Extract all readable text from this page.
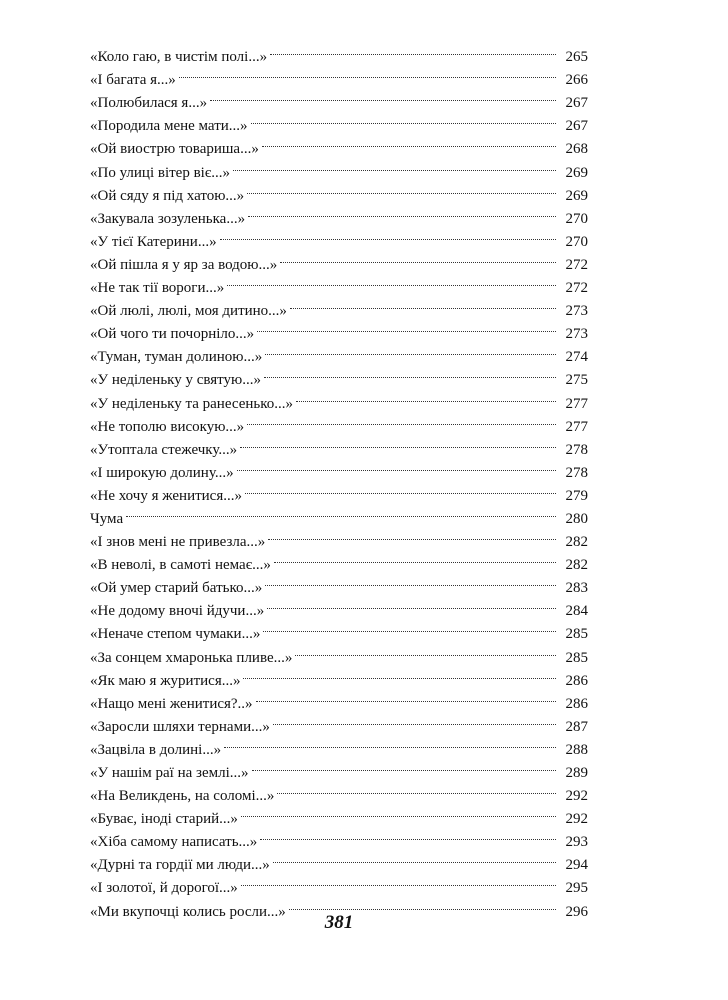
«Коло гаю, в чистім полі...»	265
«І багата я...»	266
«Полюбилася я...»	267
«Породила мене мати...»	267
«Ой виострю товариша...»	268
«По улиці вітер віє...»	269
«Ой сяду я під хатою...»	269
«Закувала зозуленька...»	270
«У тієї Катерини...»	270
«Ой пішла я у яр за водою...»	272
«Не так тії вороги...»	272
«Ой люлі, люлі, моя дитино...»	273
«Ой чого ти почорніло...»	273
«Туман, туман долиною...»	274
«У неділеньку у святую...»	275
«У неділеньку та ранесенько...»	277
«Не тополю високую...»	277
«Утоптала стежечку...»	278
«І широкую долину...»	278
«Не хочу я женитися...»	279
Чума	280
«І знов мені не привезла...»	282
«В неволі, в самоті немає...»	282
«Ой умер старий батько...»	283
«Не додому вночі йдучи...»	284
«Неначе степом чумаки...»	285
«За сонцем хмаронька пливе...»	285
«Як маю я журитися...»	286
«Нащо мені женитися?..»	286
«Заросли шляхи тернами...»	287
«Зацвіла в долині...»	288
«У нашім раї на землі...»	289
«На Великдень, на соломі...»	292
«Буває, іноді старий...»	292
«Хіба самому написать...»	293
«Дурні та гордії ми люди...»	294
«І золотої, й дорогої...»	295
«Ми вкупочці колись росли...»	296
381
